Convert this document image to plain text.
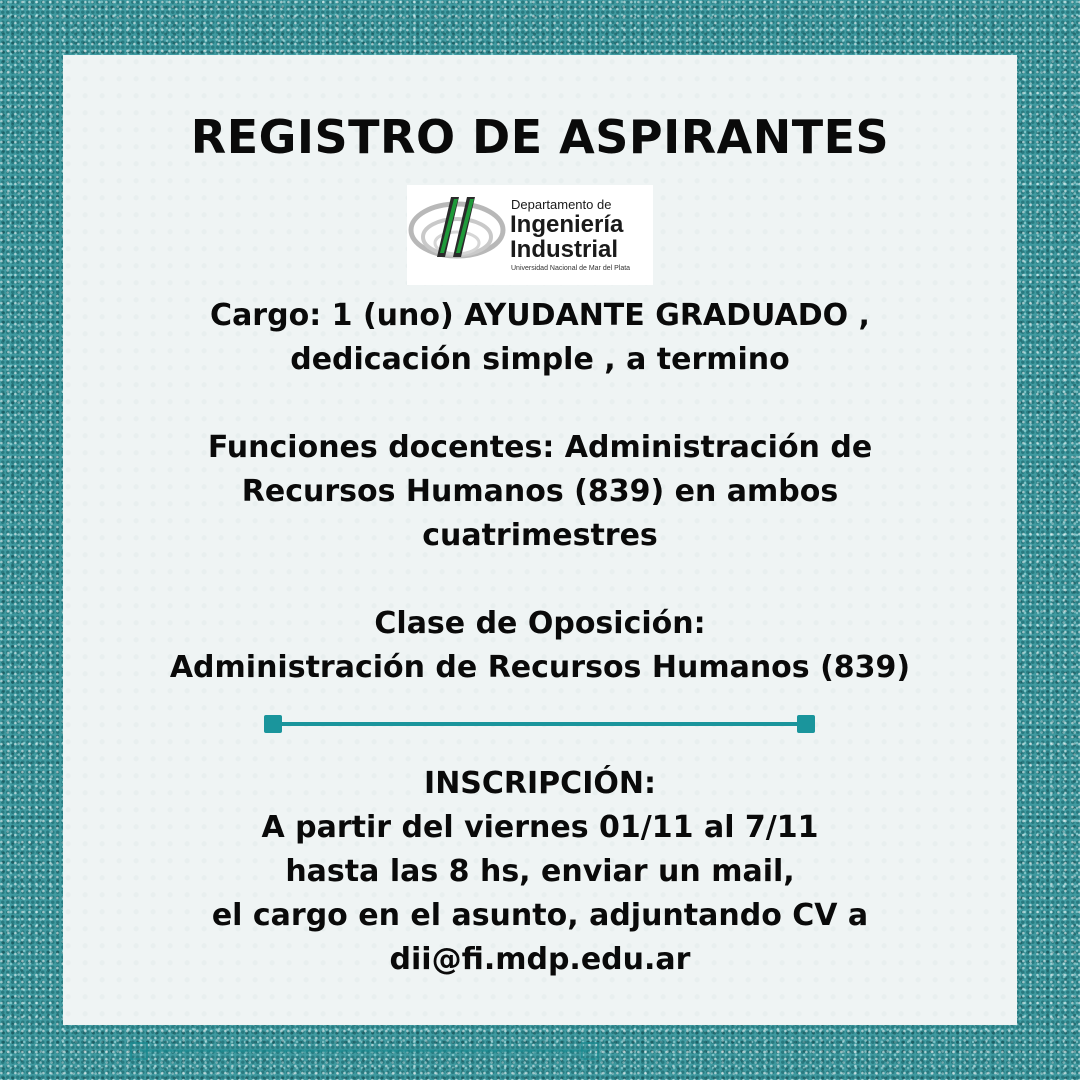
REGISTRO DE ASPIRANTES
Departamento de
Ingeniería
Industrial
Universidad Nacional de Mar del Plata
Cargo: 1 (uno) AYUDANTE GRADUADO ,
dedicación simple , a termino
Funciones docentes: Administración de
Recursos Humanos (839) en ambos
cuatrimestres
Clase de Oposición:
Administración de Recursos Humanos (839)
INSCRIPCIÓN:
A partir del viernes 01/11 al 7/11
hasta las 8 hs, enviar un mail,
el cargo en el asunto, adjuntando CV a
dii@fi.mdp.edu.ar
